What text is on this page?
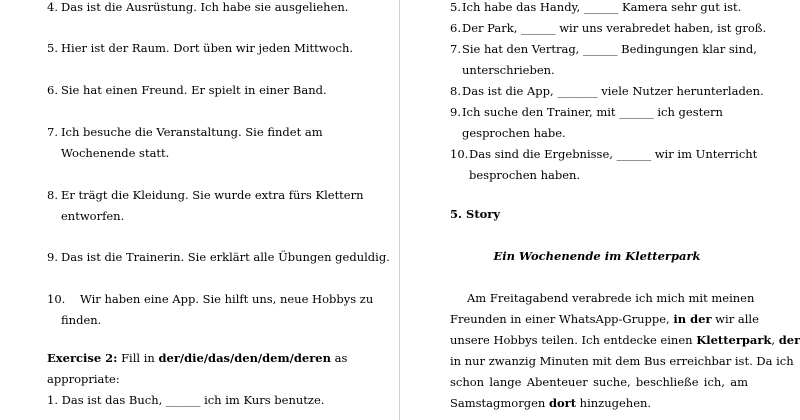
4. Das ist die Ausrüstung. Ich habe sie ausgeliehen.
5. Hier ist der Raum. Dort üben wir jeden Mittwoch.
6. Sie hat einen Freund. Er spielt in einer Band.
7. Ich besuche die Veranstaltung. Sie findet am
Wochenende statt.
8. Er trägt die Kleidung. Sie wurde extra fürs Klettern
entworfen.
9. Das ist die Trainerin. Sie erklärt alle Übungen geduldig.
10. Wir haben eine App. Sie hilft uns, neue Hobbys zu
finden.
Exercise 2: Fill in der/die/das/den/dem/deren as
appropriate:
1. Das ist das Buch, ______ ich im Kurs benutze.
5. Ich habe das Handy, ______ Kamera sehr gut ist.
6. Der Park, ______ wir uns verabredet haben, ist groß.
7. Sie hat den Vertrag, ______ Bedingungen klar sind,
unterschrieben.
8. Das ist die App, _______ viele Nutzer herunterladen.
9. Ich suche den Trainer, mit ______ ich gestern
gesprochen habe.
10. Das sind die Ergebnisse, ______ wir im Unterricht
besprochen haben.
5. Story
Ein Wochenende im Kletterpark
Am Freitagabend verabrede ich mich mit meinen
Freunden in einer WhatsApp-Gruppe, in der wir alle
unsere Hobbys teilen. Ich entdecke einen Kletterpark, der
in nur zwanzig Minuten mit dem Bus erreichbar ist. Da ich
schon lange Abenteuer suche, beschließe ich, am
Samstagmorgen dort hinzugehen.
